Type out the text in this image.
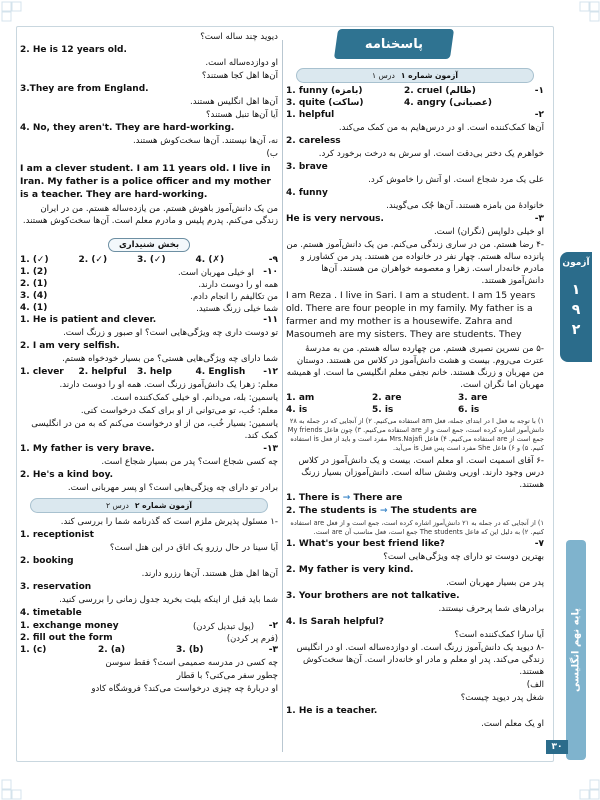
پاسخنامه
آزمون
۱
۹
۲
پایه نهم انگلیسی
۳۰
دیوید چند ساله است؟
2. He is 12 years old.
او دوازده‌ساله است.
آن‌ها اهل کجا هستند؟
3.They are from England.
آن‌ها اهل انگلیس هستند.
آیا آن‌ها تنبل هستند؟
4. No, they aren't. They are hard-working.
نه، آن‌ها نیستند. آن‌ها سخت‌کوش هستند.
ب)
I am a clever student. I am 11 years old. I live in Iran. My father is a police officer and my mother is a teacher. They are hard-working.
من یک دانش‌آموز باهوش هستم. من یازده‌ساله هستم. من در ایران زندگی می‌کنم. پدرم پلیس و مادرم معلم است. آن‌ها سخت‌کوش هستند.
بخش شنیداری
1. (✓)	2. (✓)	3. (✓)	4. (✗)	-۹
1. (2)	او خیلی مهربان است.	-۱۰
2. (1)	همه او را دوست دارند.
3. (4)	من تکالیفم را انجام دادم.
4. (1)	شما خیلی زرنگ هستید.
1. He is patient and clever.	-۱۱
تو دوست داری چه ویژگی‌هایی است؟ او صبور و زرنگ است.
2. I am very selfish.
شما دارای چه ویژگی‌هایی هستی؟ من بسیار خودخواه هستم.
1. clever	2. helpful	3. help	4. English	-۱۲
معلم: زهرا یک دانش‌آموز زرنگ است. همه او را دوست دارند.
یاسمین: بله، می‌دانم. او خیلی کمک‌کننده است.
معلم: خُب، تو می‌توانی از او برای کمک درخواست کنی.
یاسمین: بسیار خُب، من از او درخواست می‌کنم که به من در انگلیسی کمک کند.
1. My father is very brave.	-۱۳
چه کسی شجاع است؟ پدر من بسیار شجاع است.
2. He's a kind boy.
برادر تو دارای چه ویژگی‌هایی است؟ او پسر مهربانی است.
آزمون شماره ۲
درس ۲
-۱ مسئول پذیرش ملزم است که گذرنامه شما را بررسی کند.
1. receptionist
آیا سینا در حال رزرو یک اتاق در این هتل است؟
2. booking
آن‌ها اهل هتل هستند. آن‌ها رزرو دارند.
3. reservation
شما باید قبل از اینکه بلیت بخرید جدول زمانی را بررسی کنید.
4. timetable
1. exchange money	(پول تبدیل کردن)	-۲
2. fill out the form	(فرم پر کردن)
1. (c)	2. (a)	3. (b)	-۳
چه کسی در مدرسه صمیمی است؟ فقط سوسن
چطور سفر می‌کنی؟ با قطار
او دربارهٔ چه چیزی درخواست می‌کند؟ فروشگاه کادو
آزمون شماره ۱
درس ۱
1. funny (بامزه)	2. cruel (ظالم)	-۱
3. quite (ساکت)	4. angry (عصبانی)
1. helpful	-۲
آن‌ها کمک‌کننده است. او در درس‌هایم به من کمک می‌کند.
2. careless
خواهرم یک دختر بی‌دقت است. او سرش به درخت برخورد کرد.
3. brave
علی یک مرد شجاع است. او آتش را خاموش کرد.
4. funny
خانوادهٔ من بامزه هستند. آن‌ها جُک می‌گویند.
He is very nervous.	-۳
او خیلی دلواپس (نگران) است.
-۴ رضا هستم. من در ساری زندگی می‌کنم. من یک دانش‌آموز هستم. من پانزده ساله هستم. چهار نفر در خانواده من هستند. پدر من کشاورز و مادرم خانه‌دار است. زهرا و معصومه خواهران من هستند. آن‌ها دانش‌آموز هستند.
I am Reza . I live in Sari. I am a student. I am 15 years old. There are four people in my family. My father is a farmer and my mother is a housewife. Zahra and Masoumeh are my sisters. They are students. They
-۵ من نسرین نصیری هستم. من چهارده ساله هستم. من به مدرسهٔ عترت می‌روم. بیست و هشت دانش‌آموز در کلاس من هستند. دوستان من مهربان و زرنگ هستند. خانم نجفی معلم انگلیسی ما است. او همیشه مهربان اما نگران است.
1. am	2. are	3. are
4. is	5. is	6. is
۱) با توجه به فعل I در ابتدای جمله، فعل am استفاده می‌کنیم. ۲) از آنجایی که در جمله به ۲۸ دانش‌آموز اشاره کرده است، جمع است و از are استفاده می‌کنیم. ۳) چون فاعل My friends جمع است از are استفاده می‌کنیم. ۴) فاعل Mrs.Najafi مفرد است و باید از فعل is استفاده کنیم. ۵) و ۶) فاعل She مفرد است پس فعل is می‌آید.
-۶ آقای اسمیت است. او معلم است. بیست و یک دانش‌آموز در کلاس درس وجود دارند. اوریی وشش ساله است. دانش‌آموزان بسیار زرنگ هستند.
1. There is → There are
2. The students is → The students are
۱) از آنجایی که در جمله به ۲۱ دانش‌آموز اشاره کرده است، جمع است و از فعل are استفاده کنیم. ۲) به دلیل این که فاعل The students جمع است، فعل مناسب آن are است.
1. What's your best friend like?	-۷
بهترین دوست تو دارای چه ویژگی‌هایی است؟
2. My father is very kind.
پدر من بسیار مهربان است.
3. Your brothers are not talkative.
برادرهای شما پرحرف نیستند.
4. Is Sarah helpful?
آیا سارا کمک‌کننده است؟
-۸ دیوید یک دانش‌آموز زرنگ است. او دوازده‌ساله است. او در انگلیس زندگی می‌کند. پدر او معلم و مادر او خانه‌دار است. آن‌ها سخت‌کوش هستند.
الف)
شغل پدر دیوید چیست؟
1. He is a teacher.
او یک معلم است.
